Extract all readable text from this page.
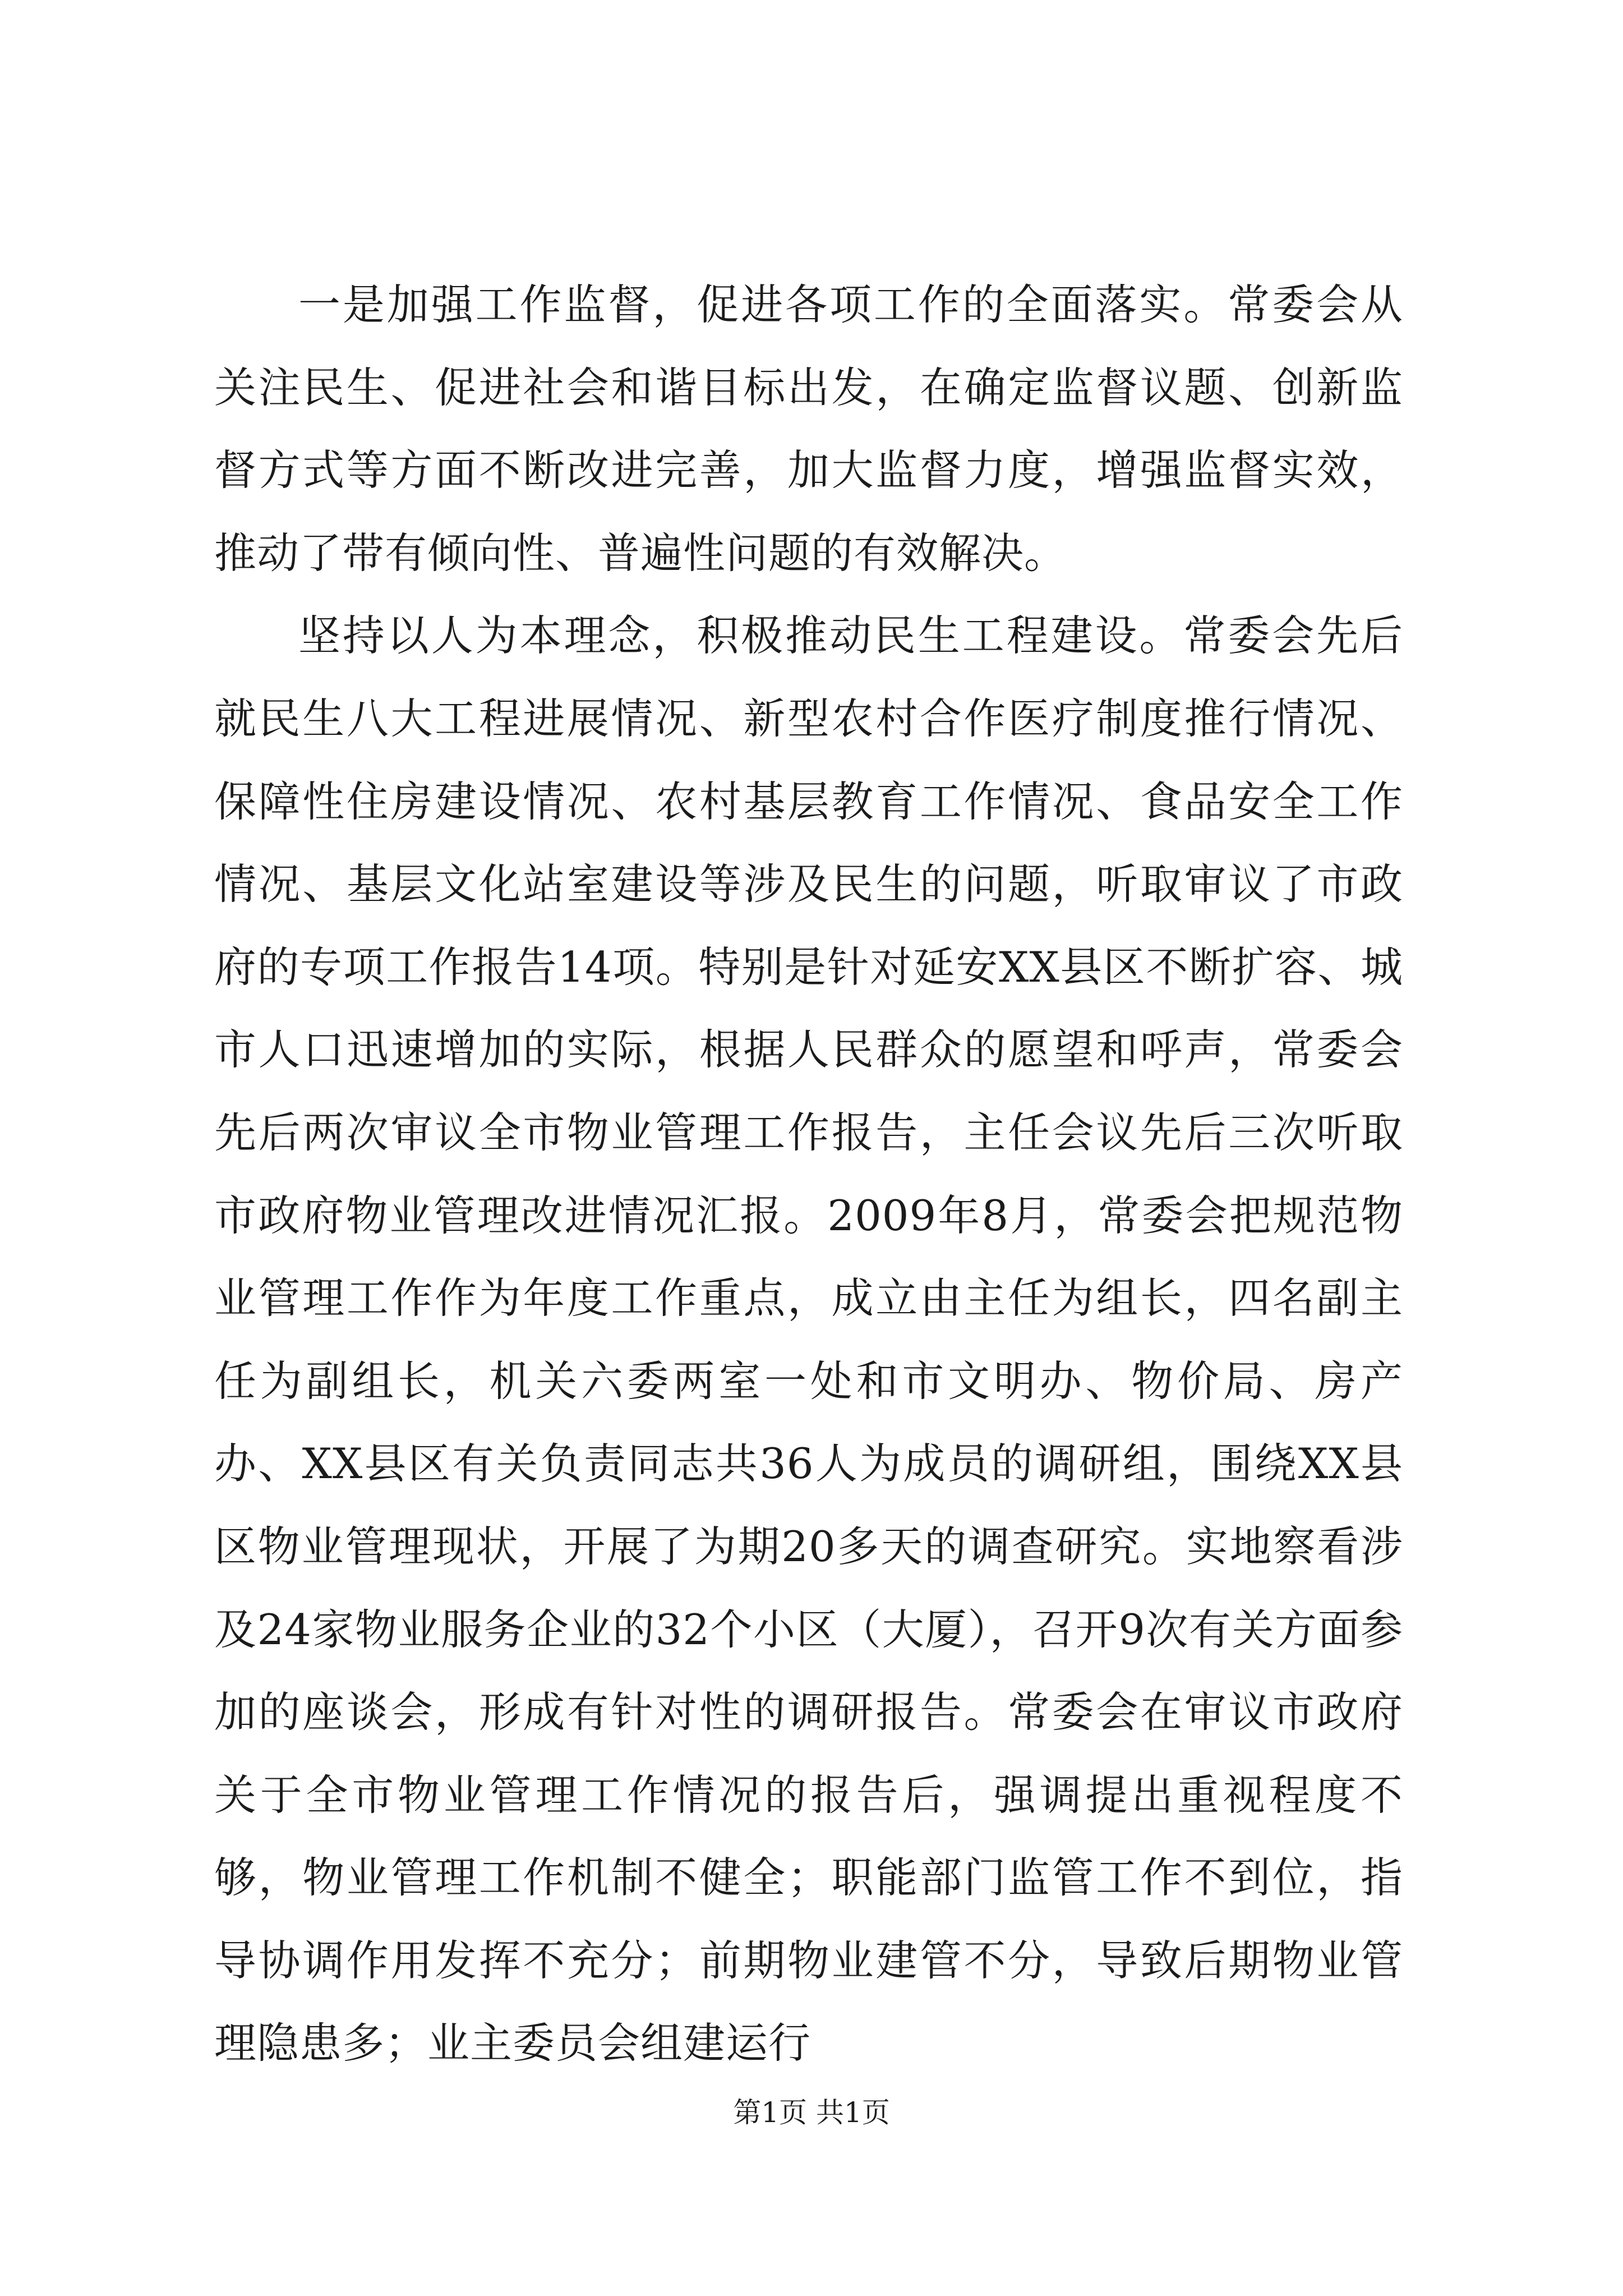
一是加强工作监督，促进各项工作的全面落实。常委会从关注民生、促进社会和谐目标出发，在确定监督议题、创新监督方式等方面不断改进完善，加大监督力度，增强监督实效，推动了带有倾向性、普遍性问题的有效解决。

坚持以人为本理念，积极推动民生工程建设。常委会先后就民生八大工程进展情况、新型农村合作医疗制度推行情况、保障性住房建设情况、农村基层教育工作情况、食品安全工作情况、基层文化站室建设等涉及民生的问题，听取审议了市政府的专项工作报告14项。特别是针对延安XX县区不断扩容、城市人口迅速增加的实际，根据人民群众的愿望和呼声，常委会先后两次审议全市物业管理工作报告，主任会议先后三次听取市政府物业管理改进情况汇报。2009年8月，常委会把规范物业管理工作作为年度工作重点，成立由主任为组长，四名副主任为副组长，机关六委两室一处和市文明办、物价局、房产办、XX县区有关负责同志共36人为成员的调研组，围绕XX县区物业管理现状，开展了为期20多天的调查研究。实地察看涉及24家物业服务企业的32个小区（大厦），召开9次有关方面参加的座谈会，形成有针对性的调研报告。常委会在审议市政府关于全市物业管理工作情况的报告后，强调提出重视程度不够，物业管理工作机制不健全；职能部门监管工作不到位，指导协调作用发挥不充分；前期物业建管不分，导致后期物业管理隐患多；业主委员会组建运行

第1页 共1页
